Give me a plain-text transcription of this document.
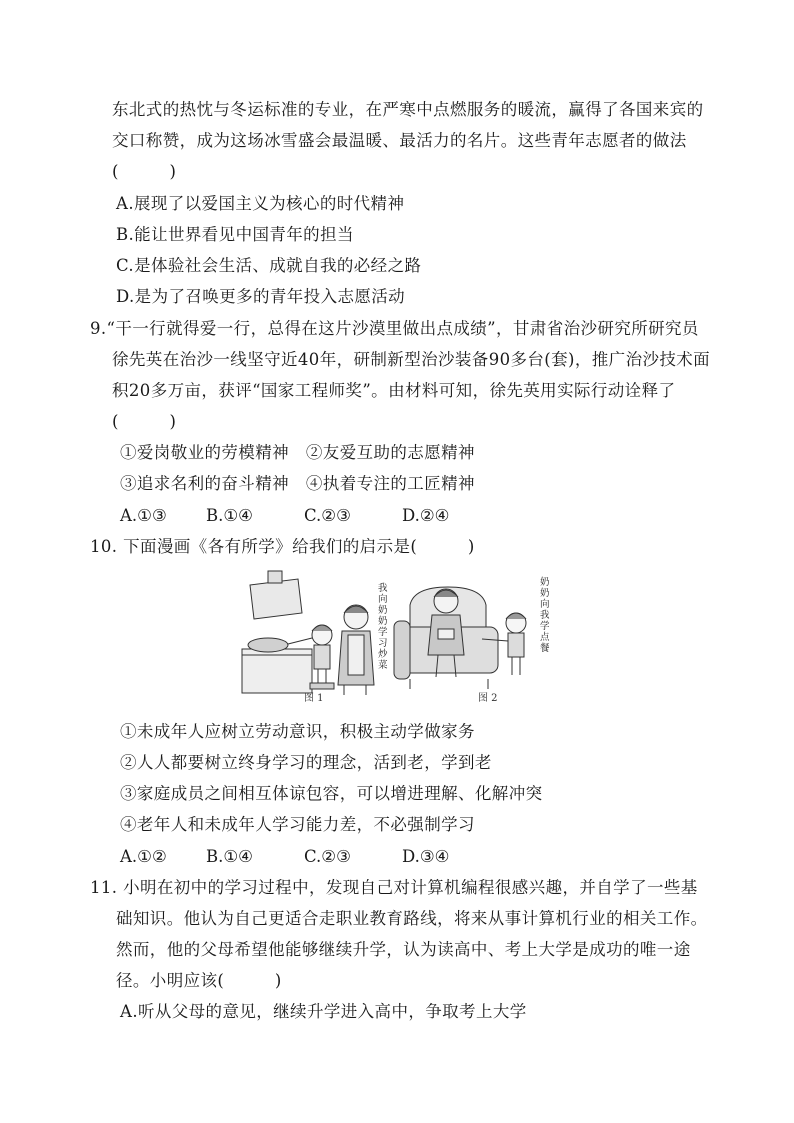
东北式的热忱与冬运标准的专业，在严寒中点燃服务的暖流，赢得了各国来宾的
交口称赞，成为这场冰雪盛会最温暖、最活力的名片。这些青年志愿者的做法
(　　　)
A.展现了以爱国主义为核心的时代精神
B.能让世界看见中国青年的担当
C.是体验社会生活、成就自我的必经之路
D.是为了召唤更多的青年投入志愿活动
9.“干一行就得爱一行，总得在这片沙漠里做出点成绩”，甘肃省治沙研究所研究员
徐先英在治沙一线坚守近40年，研制新型治沙装备90多台(套)，推广治沙技术面
积20多万亩，获评“国家工程师奖”。由材料可知，徐先英用实际行动诠释了
(　　　)
①爱岗敬业的劳模精神　②友爱互助的志愿精神
③追求名利的奋斗精神　④执着专注的工匠精神
A.①③ B.①④	C.②③	D.②④
10. 下面漫画《各有所学》给我们的启示是(　　　)
我
向
奶
奶
学
习
炒
菜
图 1
奶
奶
向
我
学
点
餐
图 2
①未成年人应树立劳动意识，积极主动学做家务
②人人都要树立终身学习的理念，活到老，学到老
③家庭成员之间相互体谅包容，可以增进理解、化解冲突
④老年人和未成年人学习能力差，不必强制学习
A.①② B.①④	C.②③	D.③④
11. 小明在初中的学习过程中，发现自己对计算机编程很感兴趣，并自学了一些基
础知识。他认为自己更适合走职业教育路线，将来从事计算机行业的相关工作。
然而，他的父母希望他能够继续升学，认为读高中、考上大学是成功的唯一途
径。小明应该(　　　)
A.听从父母的意见，继续升学进入高中，争取考上大学
